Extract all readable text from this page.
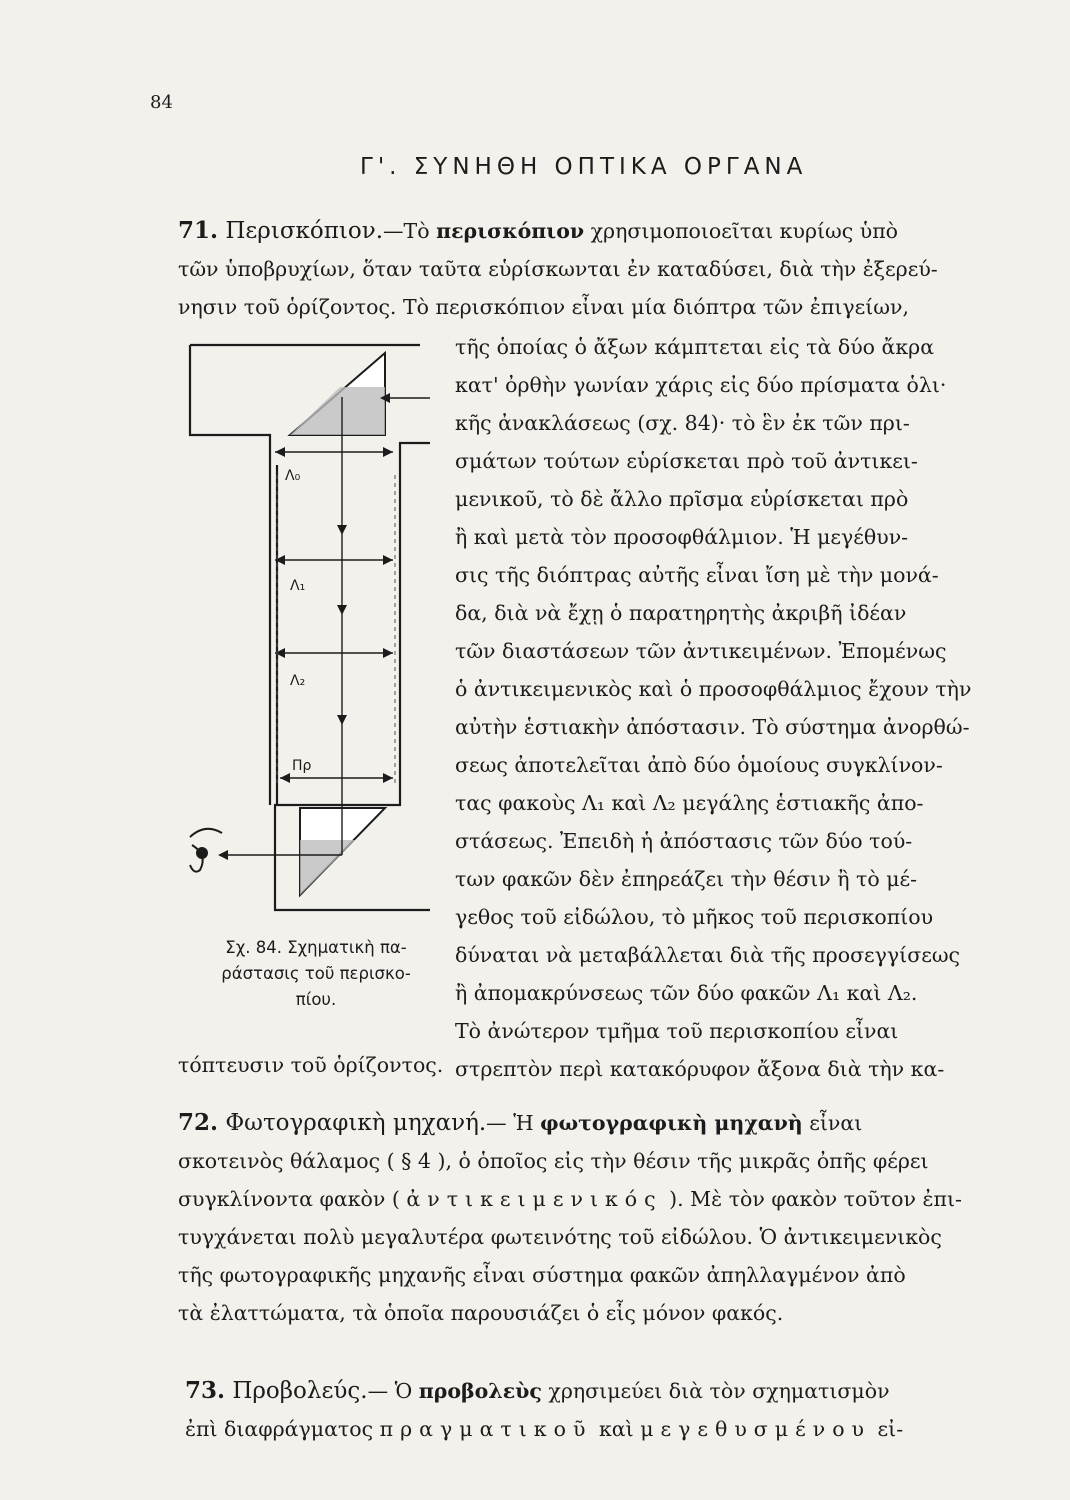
84
Γ'. ΣΥΝΗΘΗ ΟΠΤΙΚΑ ΟΡΓΑΝΑ
71. Περισκόπιον.—Τὸ περισκόπιον χρησιμοποιοεῖται κυρίως ὑπὸ
τῶν ὑποβρυχίων, ὅταν ταῦτα εὑρίσκωνται ἐν καταδύσει, διὰ τὴν ἐξερεύ-
νησιν τοῦ ὁρίζοντος. Τὸ περισκόπιον εἶναι μία διόπτρα τῶν ἐπιγείων,
τῆς ὁποίας ὁ ἄξων κάμπτεται εἰς τὰ δύο ἄκρα
κατ' ὀρθὴν γωνίαν χάρις εἰς δύο πρίσματα ὁλι·
κῆς ἀνακλάσεως (σχ. 84)· τὸ ἓν ἐκ τῶν πρι-
σμάτων τούτων εὑρίσκεται πρὸ τοῦ ἀντικει-
μενικοῦ, τὸ δὲ ἄλλο πρῖσμα εὑρίσκεται πρὸ
ἢ καὶ μετὰ τὸν προσοφθάλμιον. Ἡ μεγέθυν-
σις τῆς διόπτρας αὐτῆς εἶναι ἴση μὲ τὴν μονά-
δα, διὰ νὰ ἔχῃ ὁ παρατηρητὴς ἀκριβῆ ἰδέαν
τῶν διαστάσεων τῶν ἀντικειμένων. Ἐπομένως
ὁ ἀντικειμενικὸς καὶ ὁ προσοφθάλμιος ἔχουν τὴν
αὐτὴν ἑστιακὴν ἀπόστασιν. Τὸ σύστημα ἀνορθώ-
σεως ἀποτελεῖται ἀπὸ δύο ὁμοίους συγκλίνον-
τας φακοὺς Λ₁ καὶ Λ₂ μεγάλης ἑστιακῆς ἀπο-
στάσεως. Ἐπειδὴ ἡ ἀπόστασις τῶν δύο τού-
των φακῶν δὲν ἐπηρεάζει τὴν θέσιν ἢ τὸ μέ-
γεθος τοῦ εἰδώλου, τὸ μῆκος τοῦ περισκοπίου
δύναται νὰ μεταβάλλεται διὰ τῆς προσεγγίσεως
ἢ ἀπομακρύνσεως τῶν δύο φακῶν Λ₁ καὶ Λ₂.
Τὸ ἀνώτερον τμῆμα τοῦ περισκοπίου εἶναι
στρεπτὸν περὶ κατακόρυφον ἄξονα διὰ τὴν κα-
Λ₀
Λ₁
Λ₂
Πρ
Σχ. 84. Σχηματικὴ πα-
ράστασις τοῦ περισκο-
πίου.
τόπτευσιν τοῦ ὁρίζοντος.
72. Φωτογραφικὴ μηχανή.— Ἡ φωτογραφικὴ μηχανὴ εἶναι
σκοτεινὸς θάλαμος ( § 4 ), ὁ ὁποῖος εἰς τὴν θέσιν τῆς μικρᾶς ὀπῆς φέρει
συγκλίνοντα φακὸν ( ἀντικειμενικός ). Μὲ τὸν φακὸν τοῦτον ἐπι-
τυγχάνεται πολὺ μεγαλυτέρα φωτεινότης τοῦ εἰδώλου. Ὁ ἀντικειμενικὸς
τῆς φωτογραφικῆς μηχανῆς εἶναι σύστημα φακῶν ἀπηλλαγμένον ἀπὸ
τὰ ἐλαττώματα, τὰ ὁποῖα παρουσιάζει ὁ εἷς μόνον φακός.
73. Προβολεύς.— Ὁ προβολεὺς χρησιμεύει διὰ τὸν σχηματισμὸν
ἐπὶ διαφράγματος πραγματικοῦ καὶ μεγεθυσμένου εἰ-
